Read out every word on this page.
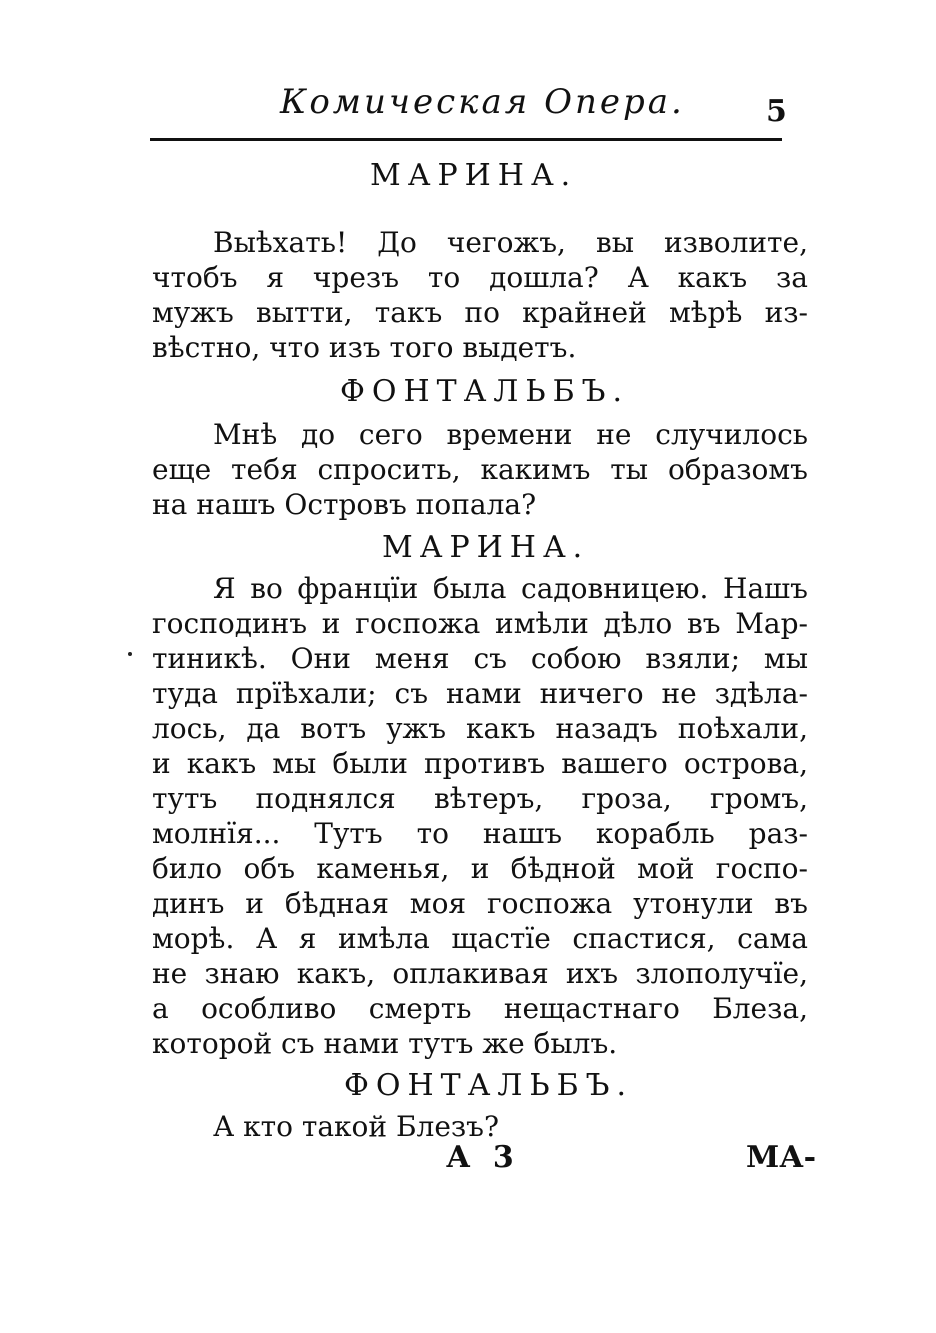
Комическая Опера.	5
МАРИНА.
Выѣхать! До чегожъ, вы изволите,
чтобъ я чрезъ то дошла? А какъ за
мужъ вытти, такъ по крайней мѣрѣ из-
вѣстно, что изъ того выдетъ.
ФОНТАЛЬБЪ.
Мнѣ до сего времени не случилось
еще тебя спросить, какимъ ты образомъ
на нашъ Островъ попала?
МАРИНА.
Я во францїи была садовницею. Нашъ
господинъ и госпожа имѣли дѣло въ Мар-
тиникѣ. Они меня съ собою взяли; мы
туда прїѣхали; съ нами ничего не здѣла-
лось, да вотъ ужъ какъ назадъ поѣхали,
и какъ мы были противъ вашего острова,
тутъ поднялся вѣтеръ, гроза, громъ,
молнїя... Тутъ то нашъ корабль раз-
било объ каменья, и бѣдной мой госпо-
динъ и бѣдная моя госпожа утонули въ
морѣ. А я имѣла щастїе спастися, сама
не знаю какъ, оплакивая ихъ злополучїе,
а особливо смерть нещастнаго Блеза,
которой съ нами тутъ же былъ.
ФОНТАЛЬБЪ.
А кто такой Блезъ?
А 3	МА-
